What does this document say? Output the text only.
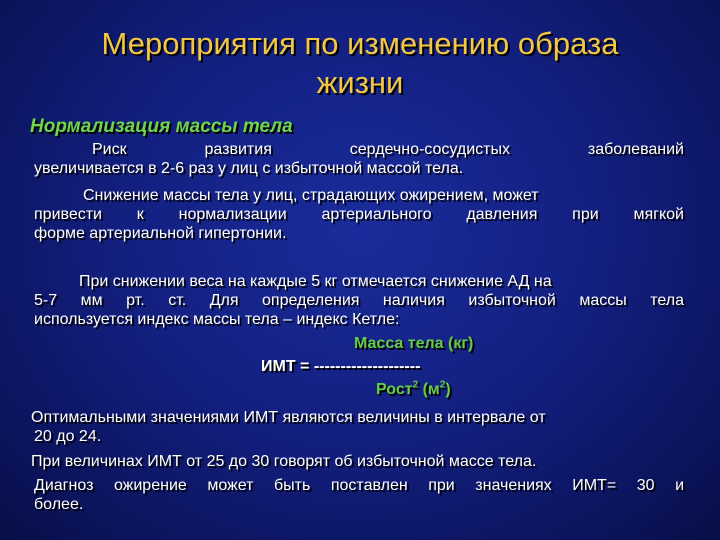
Мероприятия по изменению образа
жизни

Нормализация массы тела

Риск развития сердечно-сосудистых заболеваний
увеличивается в 2-6 раз у лиц с избыточной массой тела.
Снижение массы тела у лиц, страдающих ожирением, может
привести к нормализации артериального давления при мягкой
форме артериальной гипертонии.
При снижении веса на каждые 5 кг отмечается снижение АД на
5-7 мм рт. ст. Для определения наличия избыточной массы тела
используется индекс массы тела – индекс Кетле:

Масса тела (кг)

ИМТ = --------------------

Рост$^2$ $(м^2)$

Оптимальными значениями ИМТ являются величины в интервале от
20 до 24.
При величинах ИМТ от 25 до 30 говорят об избыточной массе тела.
Диагноз ожирение может быть поставлен при значениях ИМТ= 30 и
более.
